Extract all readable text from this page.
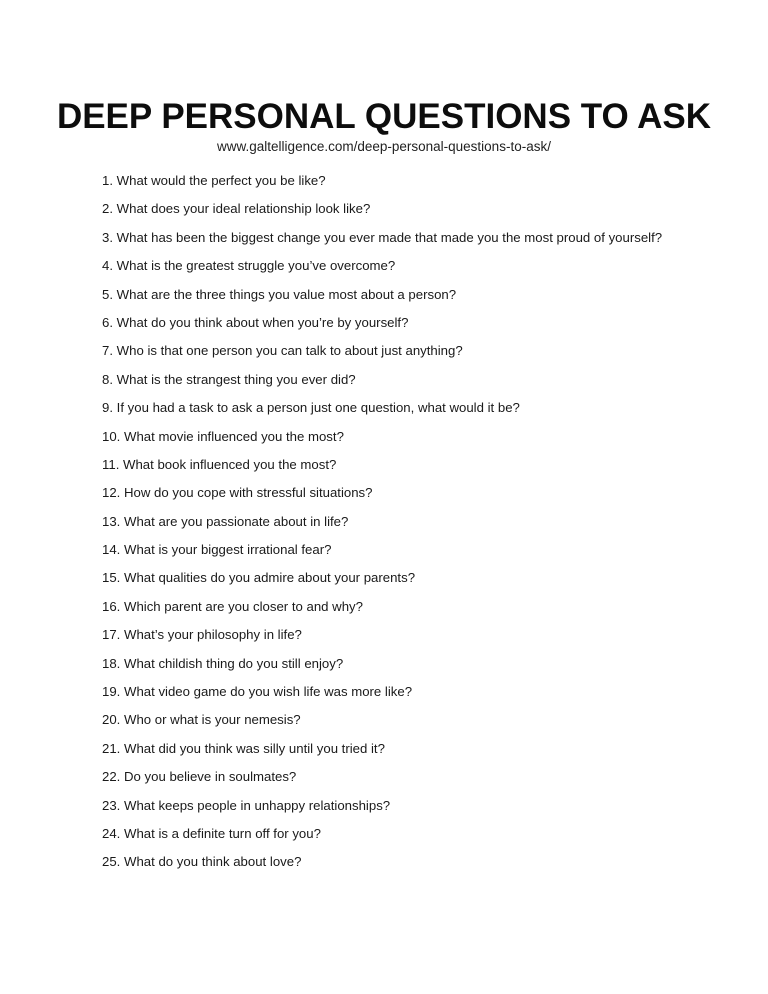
DEEP PERSONAL QUESTIONS TO ASK
www.galtelligence.com/deep-personal-questions-to-ask/
1. What would the perfect you be like?
2. What does your ideal relationship look like?
3. What has been the biggest change you ever made that made you the most proud of yourself?
4. What is the greatest struggle you’ve overcome?
5. What are the three things you value most about a person?
6. What do you think about when you’re by yourself?
7. Who is that one person you can talk to about just anything?
8. What is the strangest thing you ever did?
9. If you had a task to ask a person just one question, what would it be?
10. What movie influenced you the most?
11. What book influenced you the most?
12. How do you cope with stressful situations?
13. What are you passionate about in life?
14. What is your biggest irrational fear?
15. What qualities do you admire about your parents?
16. Which parent are you closer to and why?
17. What’s your philosophy in life?
18. What childish thing do you still enjoy?
19. What video game do you wish life was more like?
20. Who or what is your nemesis?
21. What did you think was silly until you tried it?
22. Do you believe in soulmates?
23. What keeps people in unhappy relationships?
24. What is a definite turn off for you?
25. What do you think about love?
